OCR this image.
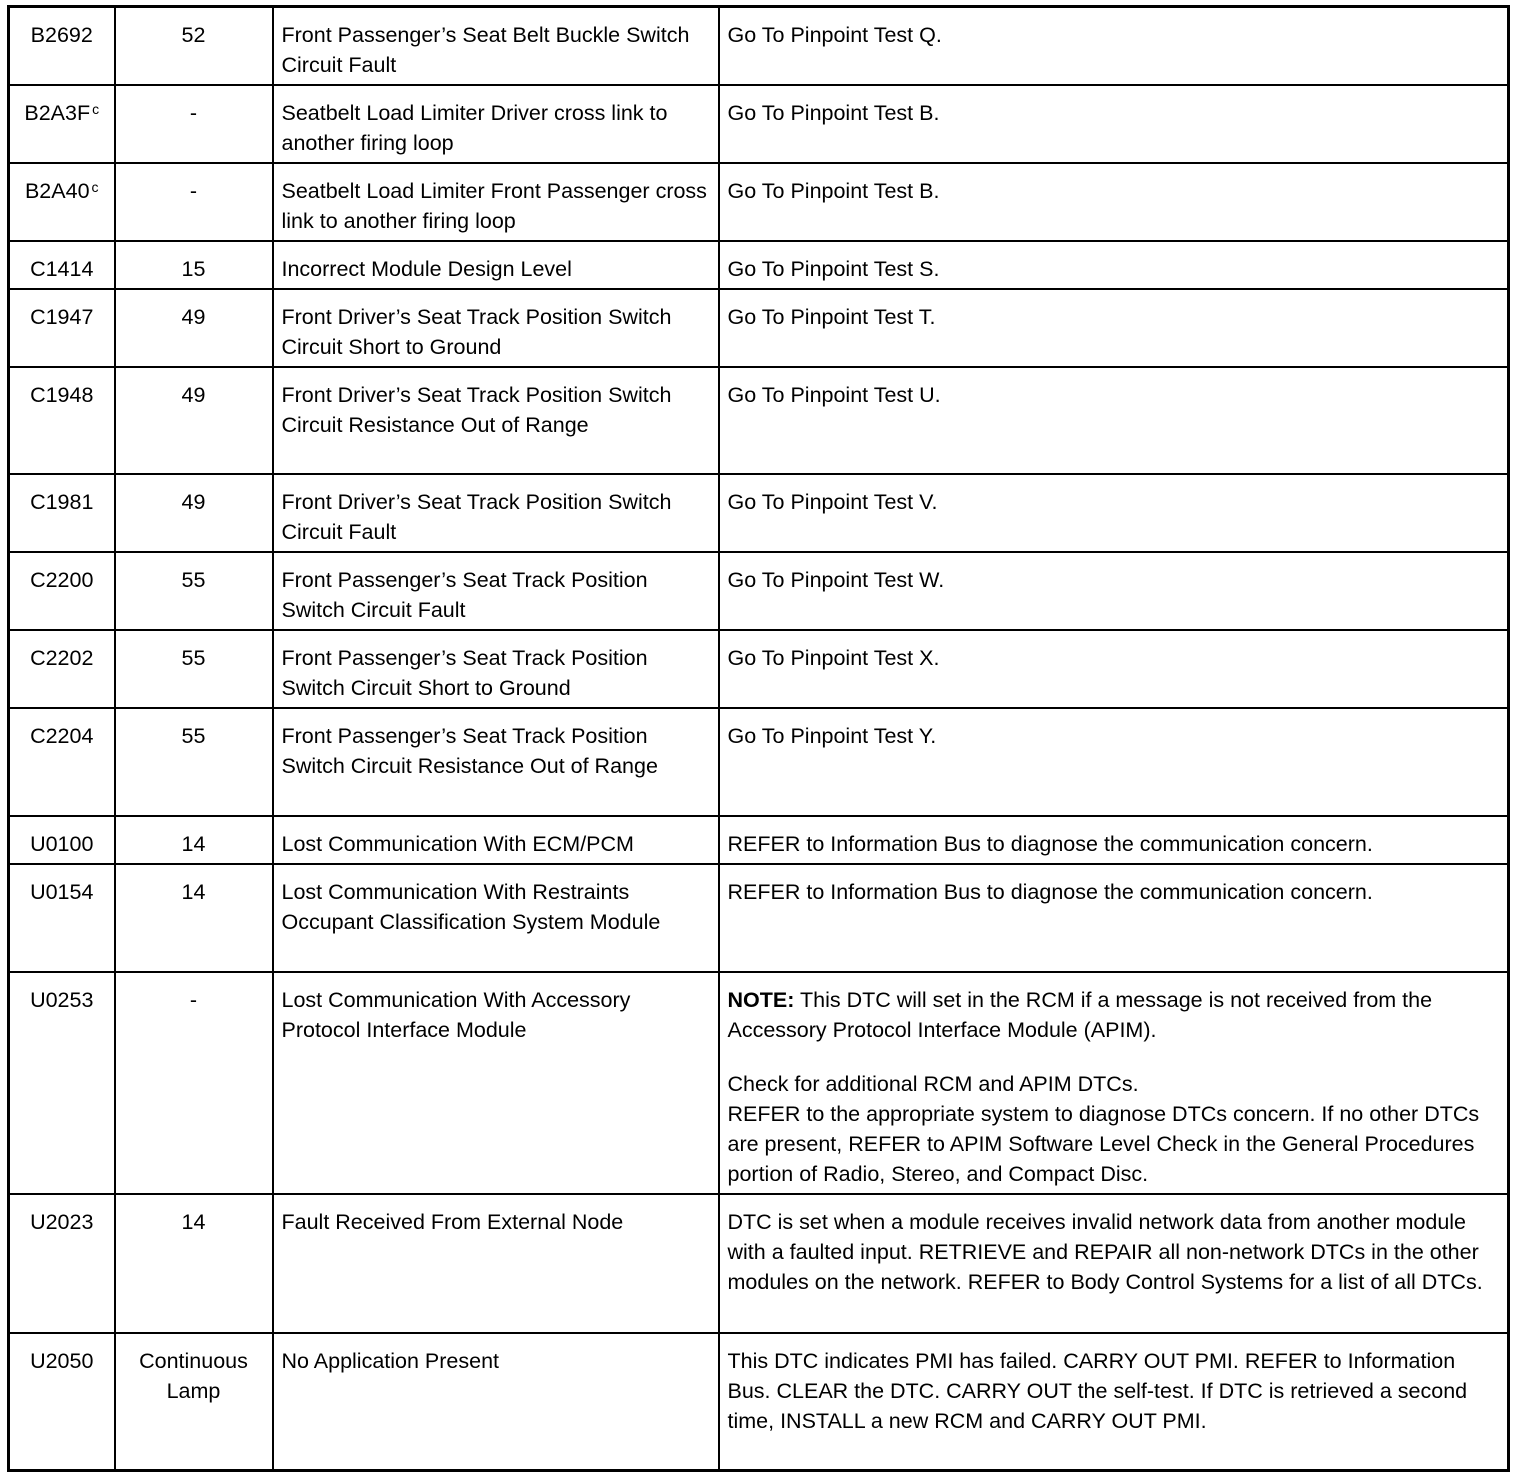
B2692	52	Front Passenger’s Seat Belt Buckle Switch Circuit Fault	Go To Pinpoint Test Q.

B2A3F $^c$	-	Seatbelt Load Limiter Driver cross link to another firing loop	Go To Pinpoint Test B.

B2A40 $^c$	-	Seatbelt Load Limiter Front Passenger cross link to another firing loop	Go To Pinpoint Test B.

C1414	15	Incorrect Module Design Level	Go To Pinpoint Test S.

C1947	49	Front Driver’s Seat Track Position Switch Circuit Short to Ground	Go To Pinpoint Test T.

C1948	49	Front Driver’s Seat Track Position Switch Circuit Resistance Out of Range	Go To Pinpoint Test U.

C1981	49	Front Driver’s Seat Track Position Switch Circuit Fault	Go To Pinpoint Test V.

C2200	55	Front Passenger’s Seat Track Position Switch Circuit Fault	Go To Pinpoint Test W.

C2202	55	Front Passenger’s Seat Track Position Switch Circuit Short to Ground	Go To Pinpoint Test X.

C2204	55	Front Passenger’s Seat Track Position Switch Circuit Resistance Out of Range	Go To Pinpoint Test Y.

U0100	14	Lost Communication With ECM/PCM	REFER to Information Bus to diagnose the communication concern.

U0154	14	Lost Communication With Restraints Occupant Classification System Module	REFER to Information Bus to diagnose the communication concern.

U0253	-	Lost Communication With Accessory Protocol Interface Module	NOTE: This DTC will set in the RCM if a message is not received from the Accessory Protocol Interface Module (APIM).
Check for additional RCM and APIM DTCs.
REFER to the appropriate system to diagnose DTCs concern. If no other DTCs are present, REFER to APIM Software Level Check in the General Procedures portion of Radio, Stereo, and Compact Disc.

U2023	14	Fault Received From External Node	DTC is set when a module receives invalid network data from another module with a faulted input. RETRIEVE and REPAIR all non-network DTCs in the other modules on the network. REFER to Body Control Systems for a list of all DTCs.

U2050	Continuous Lamp	No Application Present	This DTC indicates PMI has failed. CARRY OUT PMI. REFER to Information Bus. CLEAR the DTC. CARRY OUT the self-test. If DTC is retrieved a second time, INSTALL a new RCM and CARRY OUT PMI.
